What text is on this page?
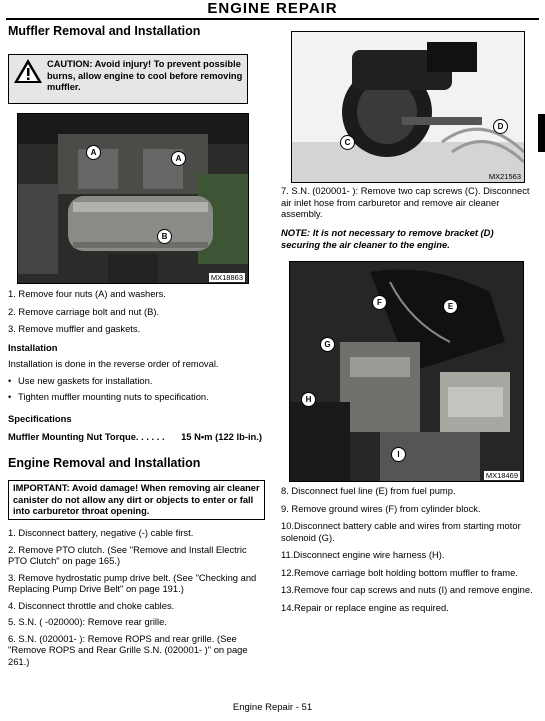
ENGINE REPAIR
Muffler Removal and Installation

CAUTION: Avoid injury! To prevent possible burns, allow engine to cool before removing muffler.

A
A
B
MX18863

1. Remove four nuts (A) and washers.

2. Remove carriage bolt and nut (B).

3. Remove muffler and gaskets.

Installation

Installation is done in the reverse order of removal.

• Use new gaskets for installation.

• Tighten muffler mounting nuts to specification.

Specifications

Muffler Mounting Nut Torque. . . . . . 15 N•m (122 lb-in.)

Engine Removal and Installation

IMPORTANT: Avoid damage! When removing air cleaner canister do not allow any dirt or objects to enter or fall into carburetor throat opening.

1. Disconnect battery, negative (-) cable first.

2. Remove PTO clutch. (See "Remove and Install Electric PTO Clutch" on page 165.)

3. Remove hydrostatic pump drive belt. (See "Checking and Replacing Pump Drive Belt" on page 191.)

4. Disconnect throttle and choke cables.

5. S.N. ( -020000): Remove rear grille.

6. S.N. (020001- ): Remove ROPS and rear grille. (See "Remove ROPS and Rear Grille S.N. (020001- )" on page 261.)

C
D
MX21563

7. S.N. (020001- ): Remove two cap screws (C). Disconnect air inlet hose from carburetor and remove air cleaner assembly.

NOTE: It is not necessary to remove bracket (D) securing the air cleaner to the engine.

F	E
G
H
I
MX18469

8. Disconnect fuel line (E) from fuel pump.

9. Remove ground wires (F) from cylinder block.

10.Disconnect battery cable and wires from starting motor solenoid (G).

11.Disconnect engine wire harness (H).

12.Remove carriage bolt holding bottom muffler to frame.

13.Remove four cap screws and nuts (I) and remove engine.

14.Repair or replace engine as required.

Engine Repair - 51
